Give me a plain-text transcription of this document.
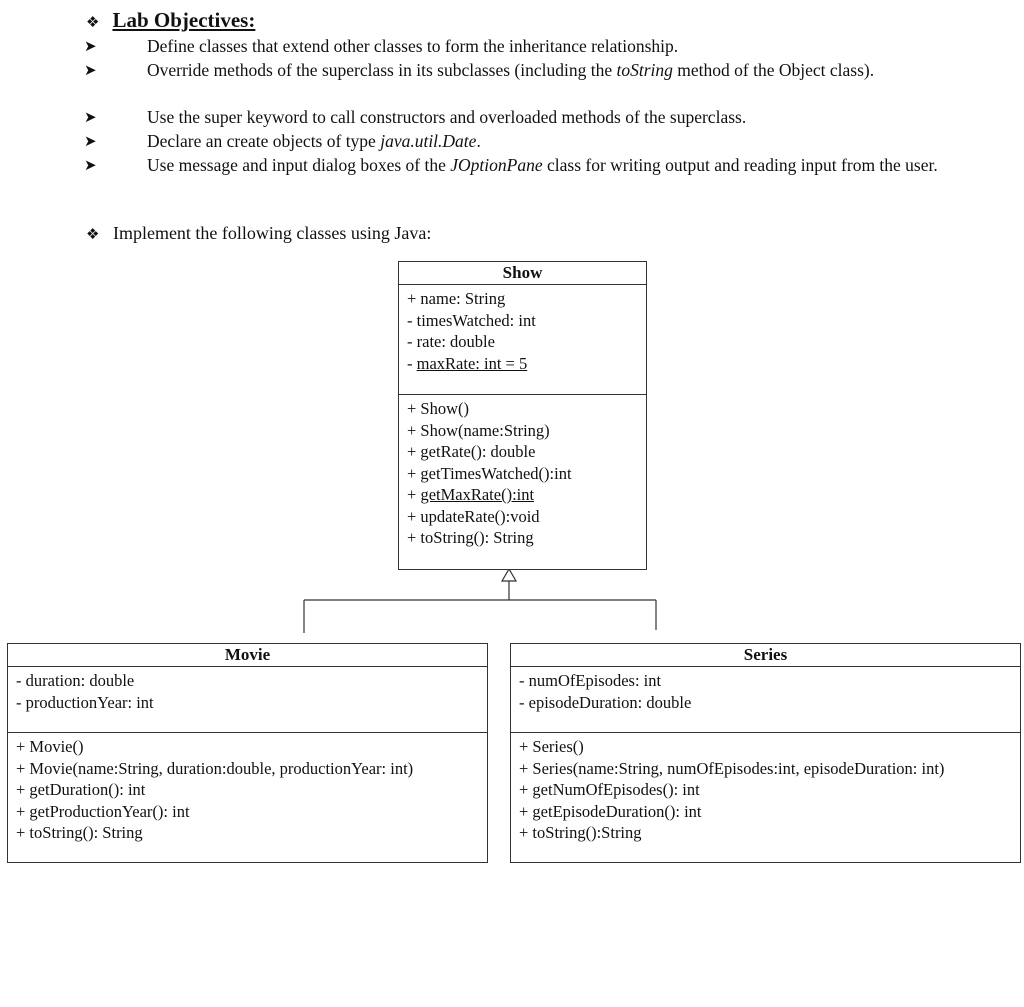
❖ Lab Objectives:
➤	Define classes that extend other classes to form the inheritance relationship.
➤	Override methods of the superclass in its subclasses (including the toString method of the Object class).
➤	Use the super keyword to call constructors and overloaded methods of the superclass.
➤	Declare an create objects of type java.util.Date.
➤	Use message and input dialog boxes of the JOptionPane class for writing output and reading input from the user.
❖ Implement the following classes using Java:
Show
+ name: String
- timesWatched: int
- rate: double
- maxRate: int = 5
+ Show()
+ Show(name:String)
+ getRate(): double
+ getTimesWatched():int
+ getMaxRate():int
+ updateRate():void
+ toString(): String
Movie
- duration: double
- productionYear: int
+ Movie()
+ Movie(name:String, duration:double, productionYear: int)
+ getDuration(): int
+ getProductionYear(): int
+ toString(): String
Series
- numOfEpisodes: int
- episodeDuration: double
+ Series()
+ Series(name:String, numOfEpisodes:int, episodeDuration: int)
+ getNumOfEpisodes(): int
+ getEpisodeDuration(): int
+ toString():String
